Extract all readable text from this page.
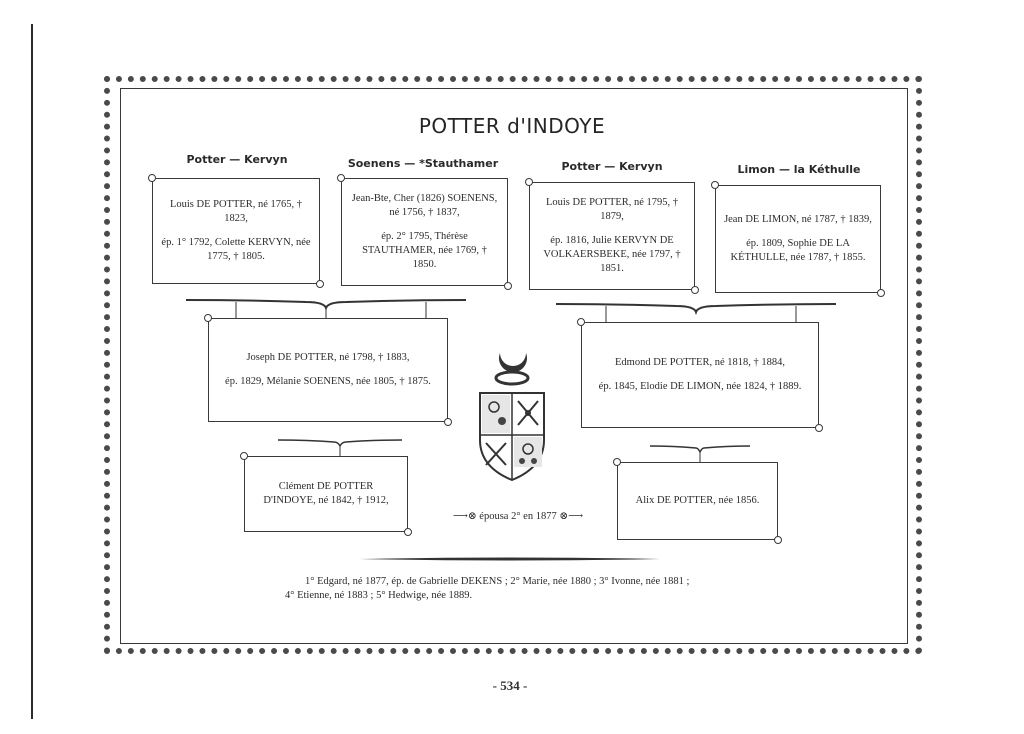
POTTER d'INDOYE
Potter — Kervyn	Soenens — *Stauthamer	Potter — Kervyn	Limon — la Kéthulle

Louis DE POTTER, né 1765, † 1823,

ép. 1° 1792, Colette KERVYN, née 1775, † 1805.

Jean-Bte, Cher (1826) SOENENS, né 1756, † 1837,

ép. 2° 1795, Thérèse STAUTHAMER, née 1769, † 1850.

Louis DE POTTER, né 1795, † 1879,

ép. 1816, Julie KERVYN DE VOLKAERSBEKE, née 1797, † 1851.

Jean DE LIMON, né 1787, † 1839,

ép. 1809, Sophie DE LA KÉTHULLE, née 1787, † 1855.

Joseph DE POTTER, né 1798, † 1883,

ép. 1829, Mélanie SOENENS, née 1805, † 1875.

Edmond DE POTTER, né 1818, † 1884,

ép. 1845, Elodie DE LIMON, née 1824, † 1889.

Clément DE POTTER D'INDOYE, né 1842, † 1912,	Alix DE POTTER, née 1856.

⟶⊗ épousa 2° en 1877 ⊗⟶
1° Edgard, né 1877, ép. de Gabrielle DEKENS ; 2° Marie, née 1880 ; 3° Ivonne, née 1881 ;
4° Etienne, né 1883 ; 5° Hedwige, née 1889.
- 534 -
